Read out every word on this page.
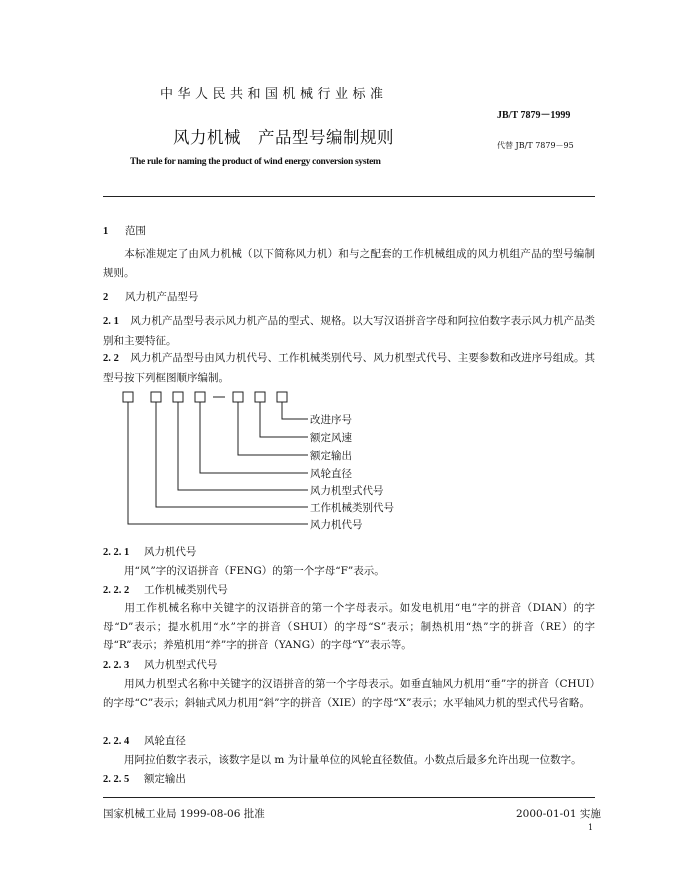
中华人民共和国机械行业标准
JB/T 7879－1999
风力机械　产品型号编制规则	代替 JB/T 7879－95
The rule for naming the product of wind energy conversion system
1 范围
本标准规定了由风力机械（以下简称风力机）和与之配套的工作机械组成的风力机组产品的型号编制规则。
2 风力机产品型号
2. 1 风力机产品型号表示风力机产品的型式、规格。以大写汉语拼音字母和阿拉伯数字表示风力机产品类别和主要特征。
2. 2 风力机产品型号由风力机代号、工作机械类别代号、风力机型式代号、主要参数和改进序号组成。其型号按下列框图顺序编制。
改进序号
额定风速
额定输出
风轮直径
风力机型式代号
工作机械类别代号
风力机代号
2. 2. 1 风力机代号
用“风”字的汉语拼音（FENG）的第一个字母“F”表示。
2. 2. 2 工作机械类别代号
用工作机械名称中关键字的汉语拼音的第一个字母表示。如发电机用“电”字的拼音（DIAN）的字母“D”表示；提水机用“水”字的拼音（SHUI）的字母“S”表示；制热机用“热”字的拼音（RE）的字母“R”表示；养殖机用“养”字的拼音（YANG）的字母“Y”表示等。
2. 2. 3 风力机型式代号
用风力机型式名称中关键字的汉语拼音的第一个字母表示。如垂直轴风力机用“垂”字的拼音（CHUI）的字母“C”表示；斜轴式风力机用“斜”字的拼音（XIE）的字母“X”表示；水平轴风力机的型式代号省略。
2. 2. 4 风轮直径
用阿拉伯数字表示，该数字是以 m 为计量单位的风轮直径数值。小数点后最多允许出现一位数字。
2. 2. 5 额定输出
国家机械工业局 1999-08-06 批准	2000-01-01 实施
1
